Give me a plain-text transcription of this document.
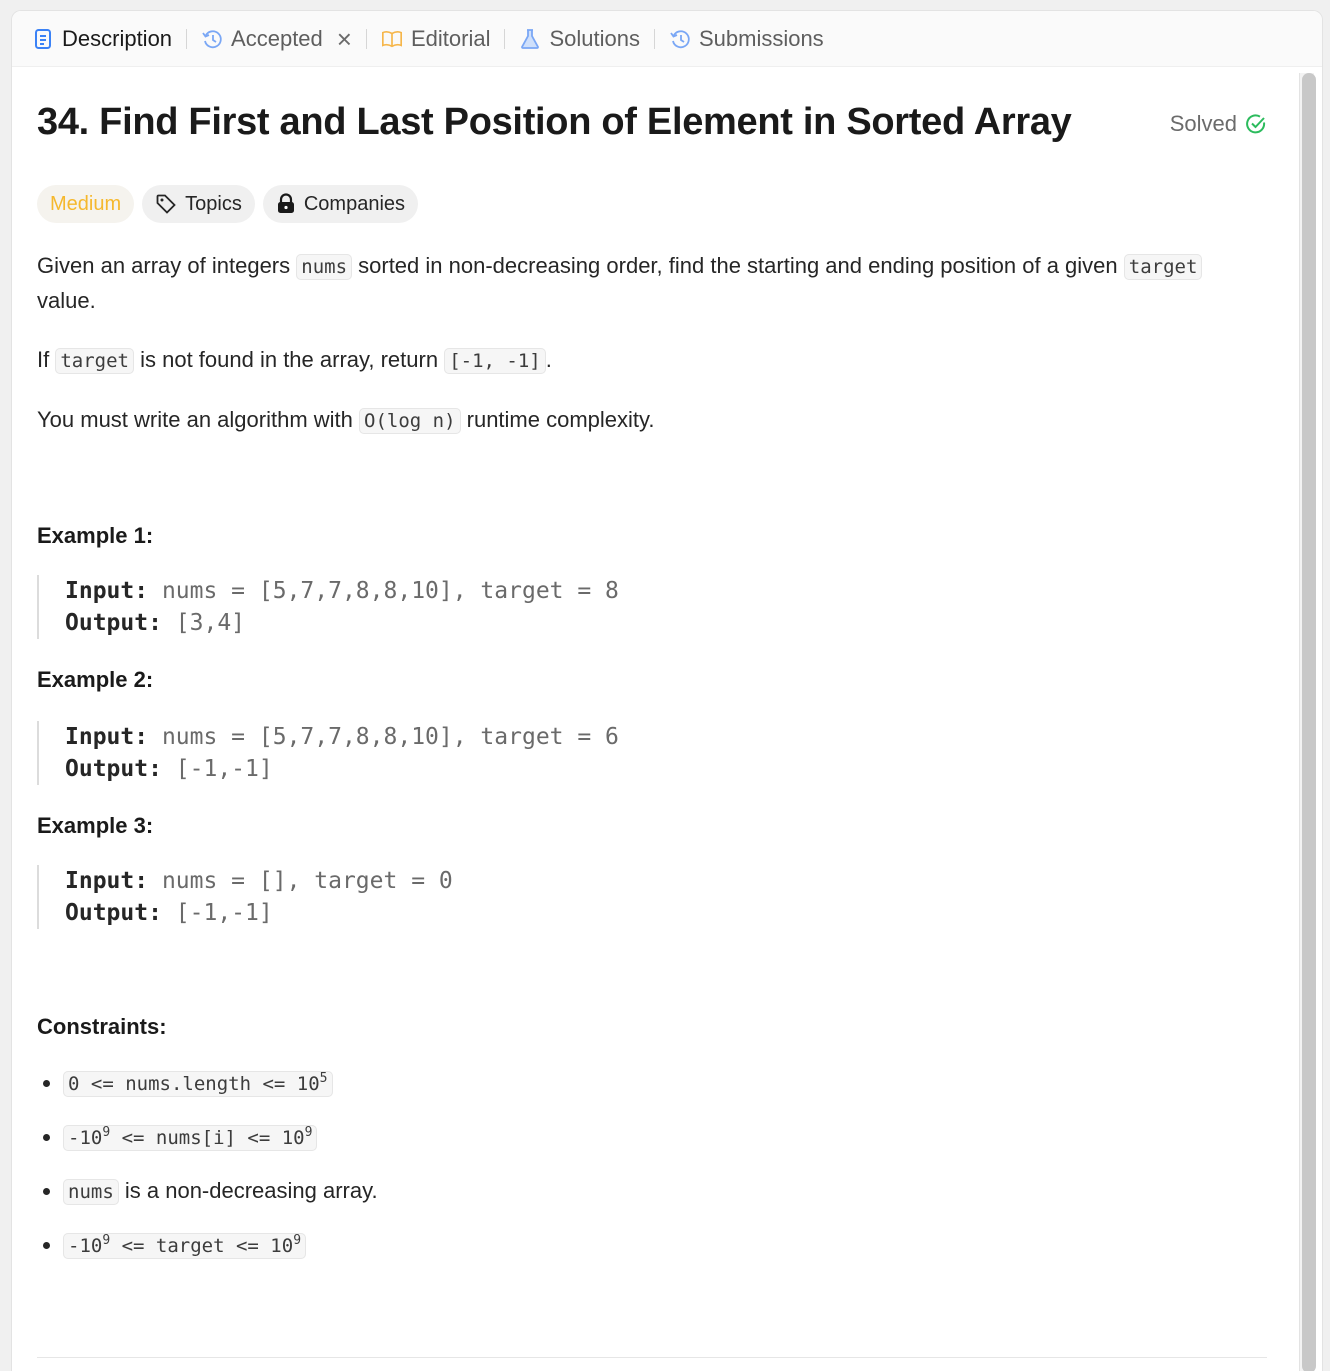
Description	Accepted ×	Editorial	Solutions	Submissions
34. Find First and Last Position of Element in Sorted Array	Solved
Medium	Topics	Companies

Given an array of integers nums sorted in non-decreasing order, find the starting and ending position of a given target value.

If target is not found in the array, return [-1, -1] .

You must write an algorithm with O(log n) runtime complexity.

Example 1:
Input: nums = [5,7,7,8,8,10], target = 8
Output: [3,4]
Example 2:
Input: nums = [5,7,7,8,8,10], target = 6
Output: [-1,-1]
Example 3:
Input: nums = [], target = 0
Output: [-1,-1]
Constraints:
• 0 <= nums.length <= $10^5$
• $-10^9$ <= nums[i] <= $10^9$
• nums is a non-decreasing array.
• $-10^9$ <= target <= $10^9$
